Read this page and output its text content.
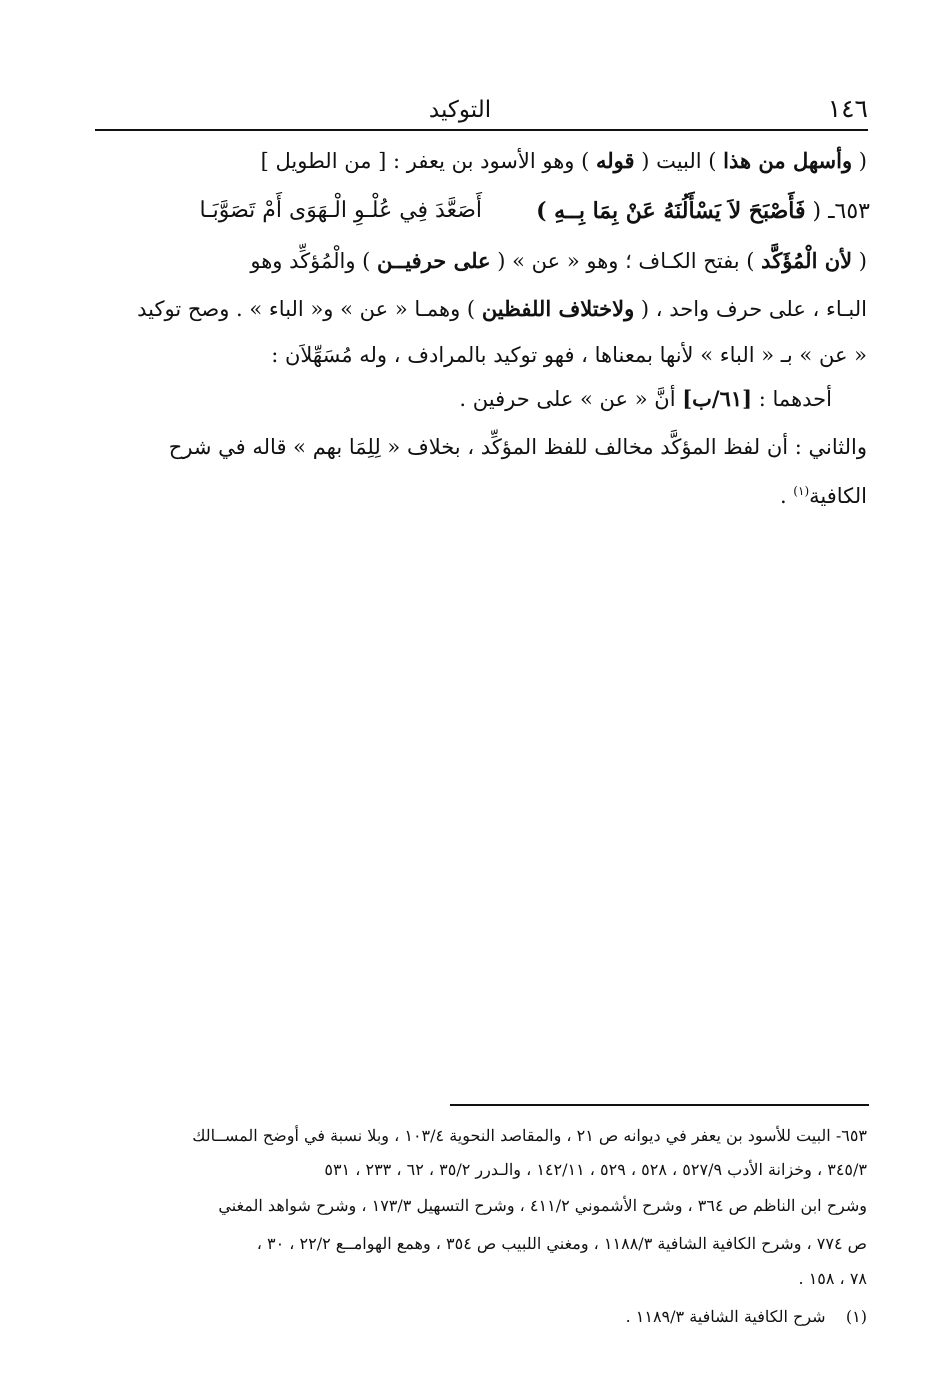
١٤٦
التوكيد
( وأسهل من هذا ) البيت ( قوله ) وهو الأسود بن يعفر : [ من الطويل ]
٦٥٣ـ ( فَأَصْبَحَ لاَ يَسْأَلُنَهُ عَنْ بِمَا بِــهِ )
أَصَعَّدَ فِي عُلْـوِ الْـهَوَى أَمْ تَصَوَّبَـا
( لأن الْمُؤَكَّد ) بفتح الكـاف ؛ وهو « عن » ( على حرفيــن ) والْمُؤكِّد وهو
البـاء ، على حرف واحد ، ( ولاختلاف اللفظين ) وهمـا « عن » و« الباء » . وصح توكيد
« عن » بـ « الباء » لأنها بمعناها ، فهو توكيد بالمرادف ، وله مُسَهِّلاَن :
أحدهما : [٦١/ب] أنَّ « عن » على حرفين .
والثاني : أن لفظ المؤكَّد مخالف للفظ المؤكِّد ، بخلاف « لِلِمَا بهم » قاله في شرح
الكافية$^{(١)}$ .
٦٥٣- البيت للأسود بن يعفر في ديوانه ص ٢١ ، والمقاصد النحوية ١٠٣/٤ ، وبلا نسبة في أوضح المســالك
٣٤٥/٣ ، وخزانة الأدب ٥٢٧/٩ ، ٥٢٨ ، ٥٢٩ ، ١٤٢/١١ ، والـدرر ٣٥/٢ ، ٦٢ ، ٢٣٣ ، ٥٣١
وشرح ابن الناظم ص ٣٦٤ ، وشرح الأشموني ٤١١/٢ ، وشرح التسهيل ١٧٣/٣ ، وشرح شواهد المغني
ص ٧٧٤ ، وشرح الكافية الشافية ١١٨٨/٣ ، ومغني اللبيب ص ٣٥٤ ، وهمع الهوامــع ٢٢/٢ ، ٣٠ ،
٧٨ ، ١٥٨ .
(١)    شرح الكافية الشافية ١١٨٩/٣ .
